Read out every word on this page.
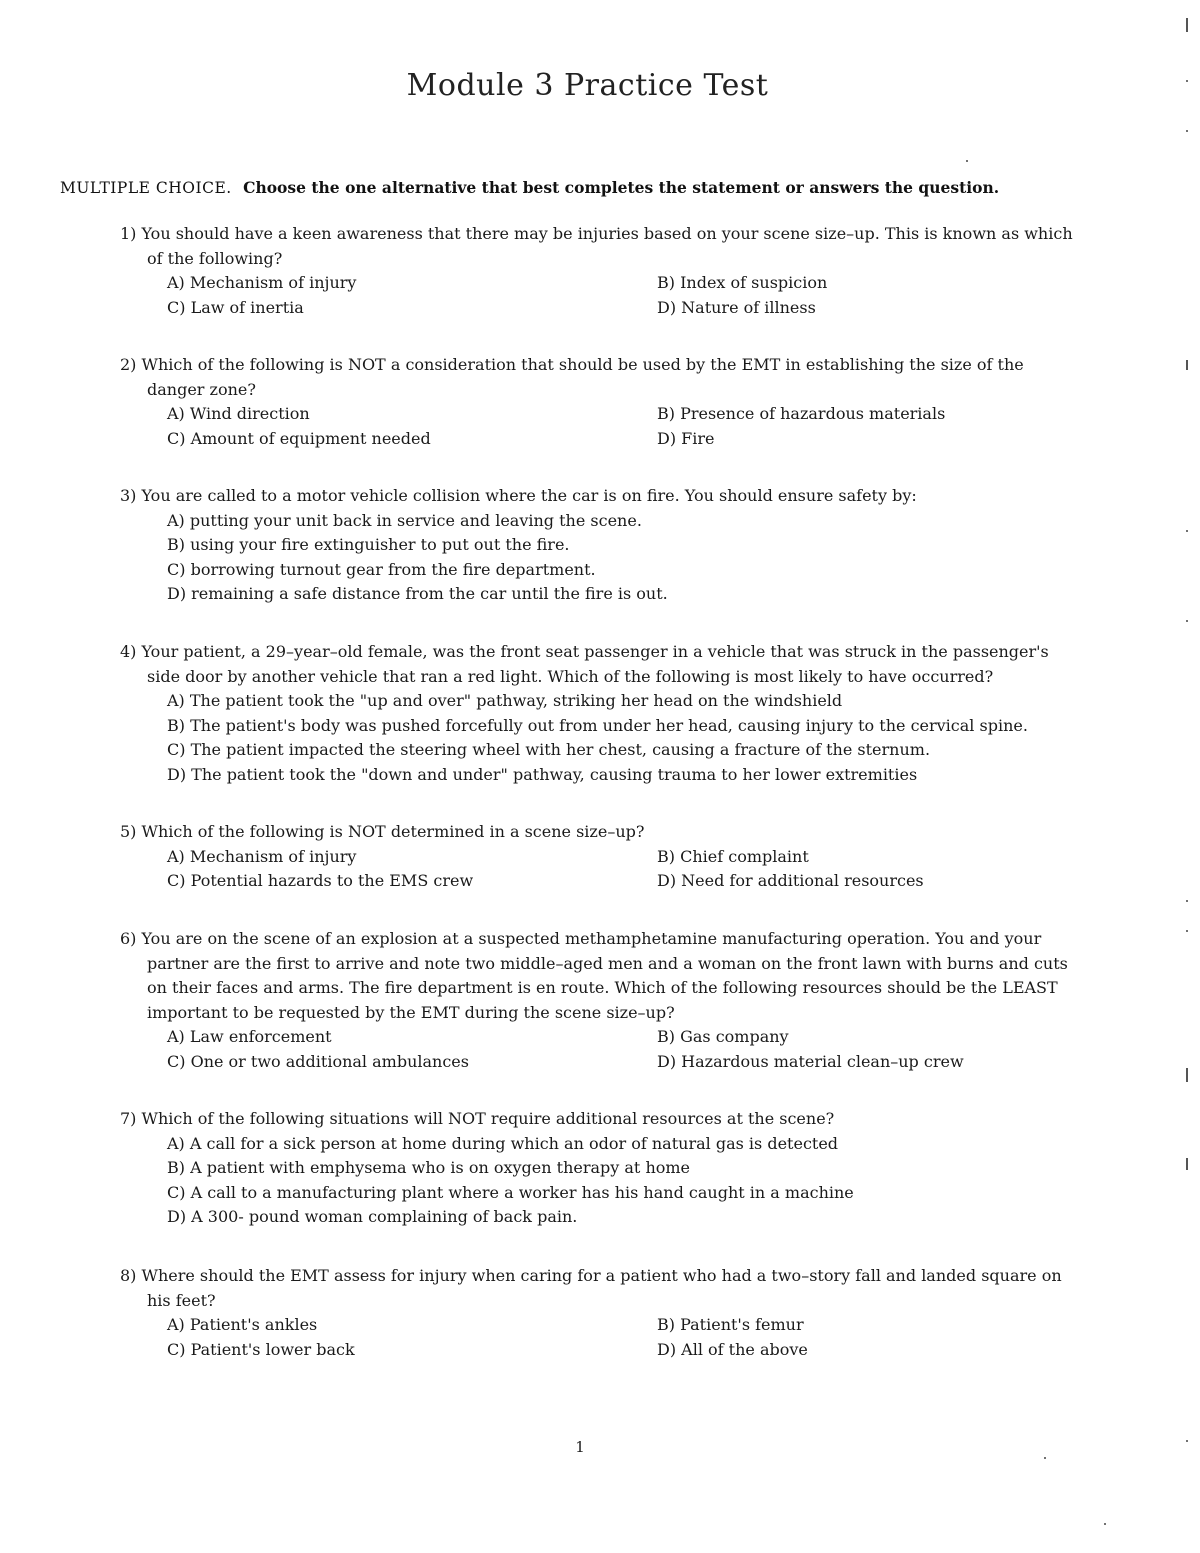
Module 3 Practice Test
MULTIPLE CHOICE. Choose the one alternative that best completes the statement or answers the question.
1) You should have a keen awareness that there may be injuries based on your scene size–up. This is known as which of the following?
A) Mechanism of injury	B) Index of suspicion
C) Law of inertia	D) Nature of illness
2) Which of the following is NOT a consideration that should be used by the EMT in establishing the size of the danger zone?
A) Wind direction	B) Presence of hazardous materials
C) Amount of equipment needed	D) Fire
3) You are called to a motor vehicle collision where the car is on fire. You should ensure safety by:
A) putting your unit back in service and leaving the scene.
B) using your fire extinguisher to put out the fire.
C) borrowing turnout gear from the fire department.
D) remaining a safe distance from the car until the fire is out.
4) Your patient, a 29–year–old female, was the front seat passenger in a vehicle that was struck in the passenger's side door by another vehicle that ran a red light. Which of the following is most likely to have occurred?
A) The patient took the "up and over" pathway, striking her head on the windshield
B) The patient's body was pushed forcefully out from under her head, causing injury to the cervical spine.
C) The patient impacted the steering wheel with her chest, causing a fracture of the sternum.
D) The patient took the "down and under" pathway, causing trauma to her lower extremities
5) Which of the following is NOT determined in a scene size–up?
A) Mechanism of injury	B) Chief complaint
C) Potential hazards to the EMS crew	D) Need for additional resources
6) You are on the scene of an explosion at a suspected methamphetamine manufacturing operation. You and your partner are the first to arrive and note two middle–aged men and a woman on the front lawn with burns and cuts on their faces and arms. The fire department is en route. Which of the following resources should be the LEAST important to be requested by the EMT during the scene size–up?
A) Law enforcement	B) Gas company
C) One or two additional ambulances	D) Hazardous material clean–up crew
7) Which of the following situations will NOT require additional resources at the scene?
A) A call for a sick person at home during which an odor of natural gas is detected
B) A patient with emphysema who is on oxygen therapy at home
C) A call to a manufacturing plant where a worker has his hand caught in a machine
D) A 300- pound woman complaining of back pain.
8) Where should the EMT assess for injury when caring for a patient who had a two–story fall and landed square on his feet?
A) Patient's ankles	B) Patient's femur
C) Patient's lower back	D) All of the above
1
